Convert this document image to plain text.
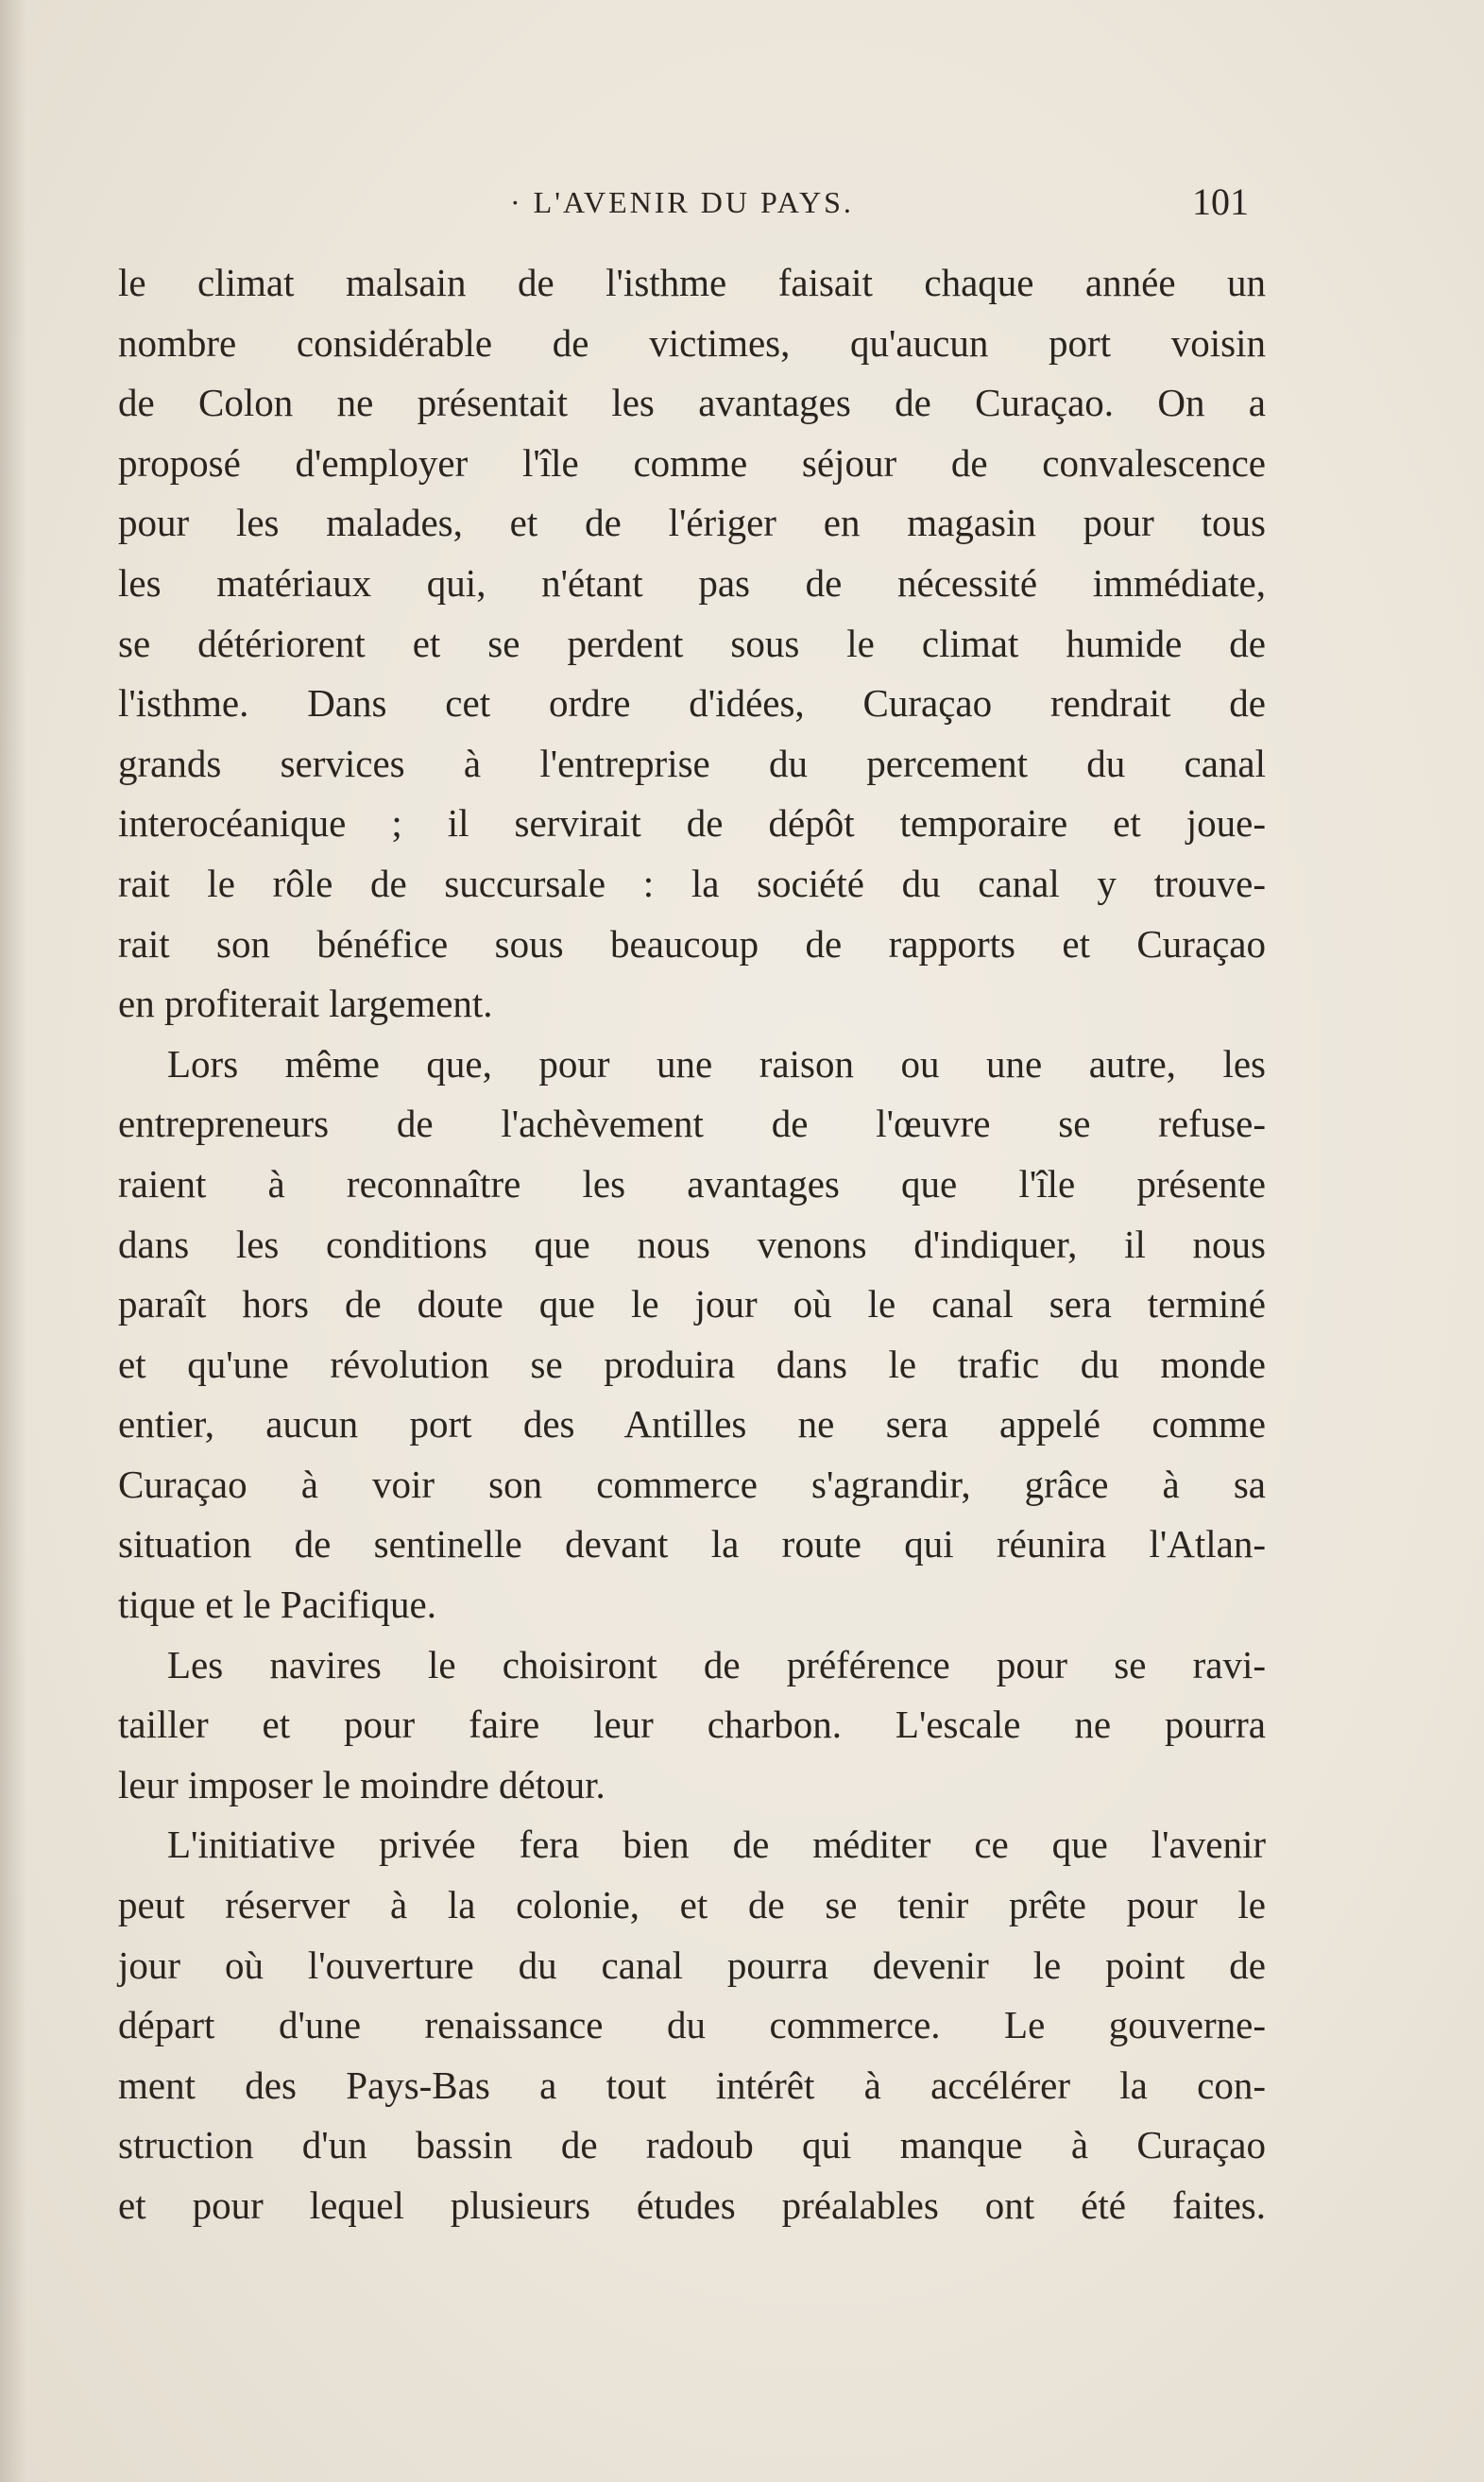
· L'AVENIR DU PAYS.	101
le climat malsain de l'isthme faisait chaque année un
nombre considérable de victimes, qu'aucun port voisin
de Colon ne présentait les avantages de Curaçao. On a
proposé d'employer l'île comme séjour de convalescence
pour les malades, et de l'ériger en magasin pour tous
les matériaux qui, n'étant pas de nécessité immédiate,
se détériorent et se perdent sous le climat humide de
l'isthme. Dans cet ordre d'idées, Curaçao rendrait de
grands services à l'entreprise du percement du canal
interocéanique ; il servirait de dépôt temporaire et joue-
rait le rôle de succursale : la société du canal y trouve-
rait son bénéfice sous beaucoup de rapports et Curaçao
en profiterait largement.
Lors même que, pour une raison ou une autre, les
entrepreneurs de l'achèvement de l'œuvre se refuse-
raient à reconnaître les avantages que l'île présente
dans les conditions que nous venons d'indiquer, il nous
paraît hors de doute que le jour où le canal sera terminé
et qu'une révolution se produira dans le trafic du monde
entier, aucun port des Antilles ne sera appelé comme
Curaçao à voir son commerce s'agrandir, grâce à sa
situation de sentinelle devant la route qui réunira l'Atlan-
tique et le Pacifique.
Les navires le choisiront de préférence pour se ravi-
tailler et pour faire leur charbon. L'escale ne pourra
leur imposer le moindre détour.
L'initiative privée fera bien de méditer ce que l'avenir
peut réserver à la colonie, et de se tenir prête pour le
jour où l'ouverture du canal pourra devenir le point de
départ d'une renaissance du commerce. Le gouverne-
ment des Pays-Bas a tout intérêt à accélérer la con-
struction d'un bassin de radoub qui manque à Curaçao
et pour lequel plusieurs études préalables ont été faites.
